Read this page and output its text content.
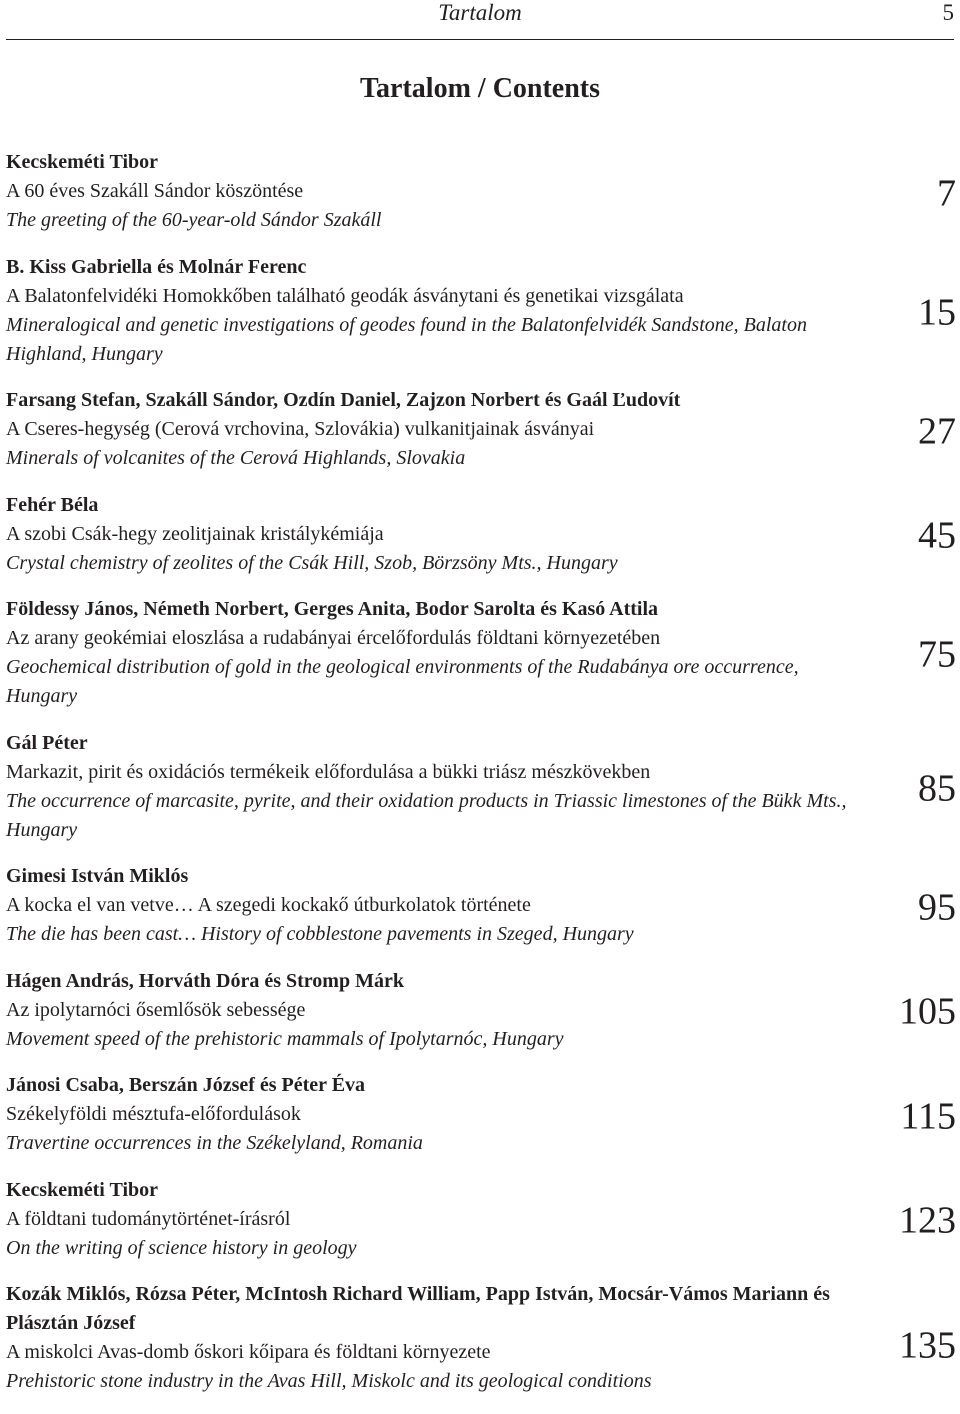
Tartalom	5
Tartalom / Contents
Kecskeméti Tibor
A 60 éves Szakáll Sándor köszöntése
The greeting of the 60-year-old Sándor Szakáll
7
B. Kiss Gabriella és Molnár Ferenc
A Balatonfelvidéki Homokkőben található geodák ásványtani és genetikai vizsgálata
Mineralogical and genetic investigations of geodes found in the Balatonfelvidék Sandstone, Balaton Highland, Hungary
15
Farsang Stefan, Szakáll Sándor, Ozdín Daniel, Zajzon Norbert és Gaál Ľudovít
A Cseres-hegység (Cerová vrchovina, Szlovákia) vulkanitjainak ásványai
Minerals of volcanites of the Cerová Highlands, Slovakia
27
Fehér Béla
A szobi Csák-hegy zeolitjainak kristálykémiája
Crystal chemistry of zeolites of the Csák Hill, Szob, Börzsöny Mts., Hungary
45
Földessy János, Németh Norbert, Gerges Anita, Bodor Sarolta és Kasó Attila
Az arany geokémiai eloszlása a rudabányai ércelőfordulás földtani környezetében
Geochemical distribution of gold in the geological environments of the Rudabánya ore occurrence, Hungary
75
Gál Péter
Markazit, pirit és oxidációs termékeik előfordulása a bükki triász mészkövekben
The occurrence of marcasite, pyrite, and their oxidation products in Triassic limestones of the Bükk Mts., Hungary
85
Gimesi István Miklós
A kocka el van vetve… A szegedi kockakő útburkolatok története
The die has been cast… History of cobblestone pavements in Szeged, Hungary
95
Hágen András, Horváth Dóra és Stromp Márk
Az ipolytarnóci ősemlősök sebessége
Movement speed of the prehistoric mammals of Ipolytarnóc, Hungary
105
Jánosi Csaba, Berszán József és Péter Éva
Székelyföldi mésztufa-előfordulások
Travertine occurrences in the Székelyland, Romania
115
Kecskeméti Tibor
A földtani tudománytörténet-írásról
On the writing of science history in geology
123
Kozák Miklós, Rózsa Péter, McIntosh Richard William, Papp István, Mocsár-Vámos Mariann és Plásztán József
A miskolci Avas-domb őskori kőipara és földtani környezete
Prehistoric stone industry in the Avas Hill, Miskolc and its geological conditions
135
